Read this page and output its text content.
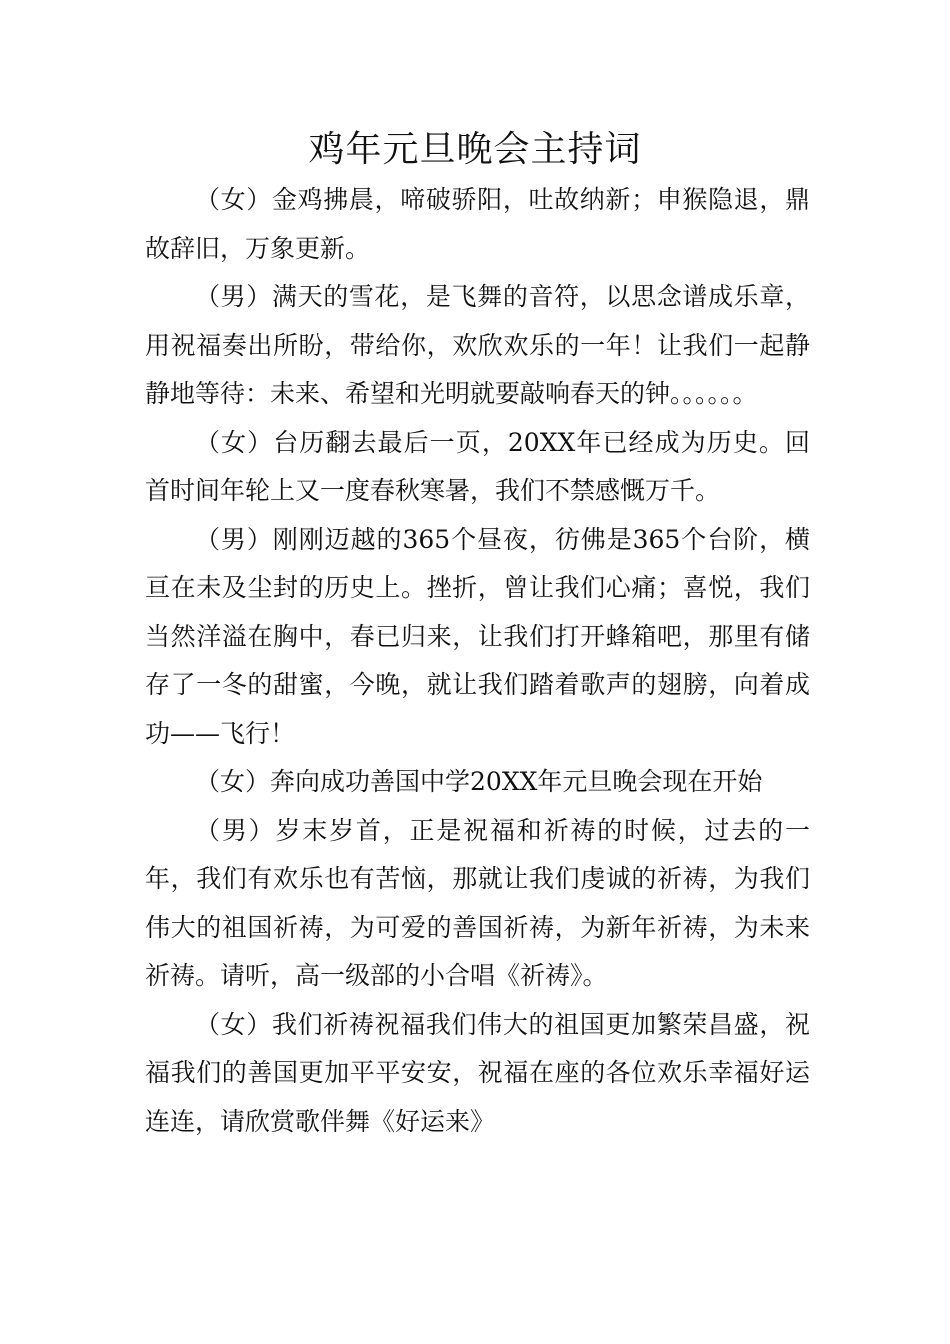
鸡年元旦晚会主持词

（女）金鸡拂晨，啼破骄阳，吐故纳新；申猴隐退，鼎故辞旧，万象更新。

（男）满天的雪花，是飞舞的音符，以思念谱成乐章，用祝福奏出所盼，带给你，欢欣欢乐的一年！让我们一起静静地等待：未来、希望和光明就要敲响春天的钟。。。。。。

（女）台历翻去最后一页，20XX年已经成为历史。回首时间年轮上又一度春秋寒暑，我们不禁感慨万千。

（男）刚刚迈越的365个昼夜，彷佛是365个台阶，横亘在未及尘封的历史上。挫折，曾让我们心痛；喜悦，我们当然洋溢在胸中，春已归来，让我们打开蜂箱吧，那里有储存了一冬的甜蜜，今晚，就让我们踏着歌声的翅膀，向着成功——飞行！

（女）奔向成功善国中学20XX年元旦晚会现在开始

（男）岁末岁首，正是祝福和祈祷的时候，过去的一年，我们有欢乐也有苦恼，那就让我们虔诚的祈祷，为我们伟大的祖国祈祷，为可爱的善国祈祷，为新年祈祷，为未来祈祷。请听，高一级部的小合唱《祈祷》。

（女）我们祈祷祝福我们伟大的祖国更加繁荣昌盛，祝福我们的善国更加平平安安，祝福在座的各位欢乐幸福好运连连，请欣赏歌伴舞《好运来》
